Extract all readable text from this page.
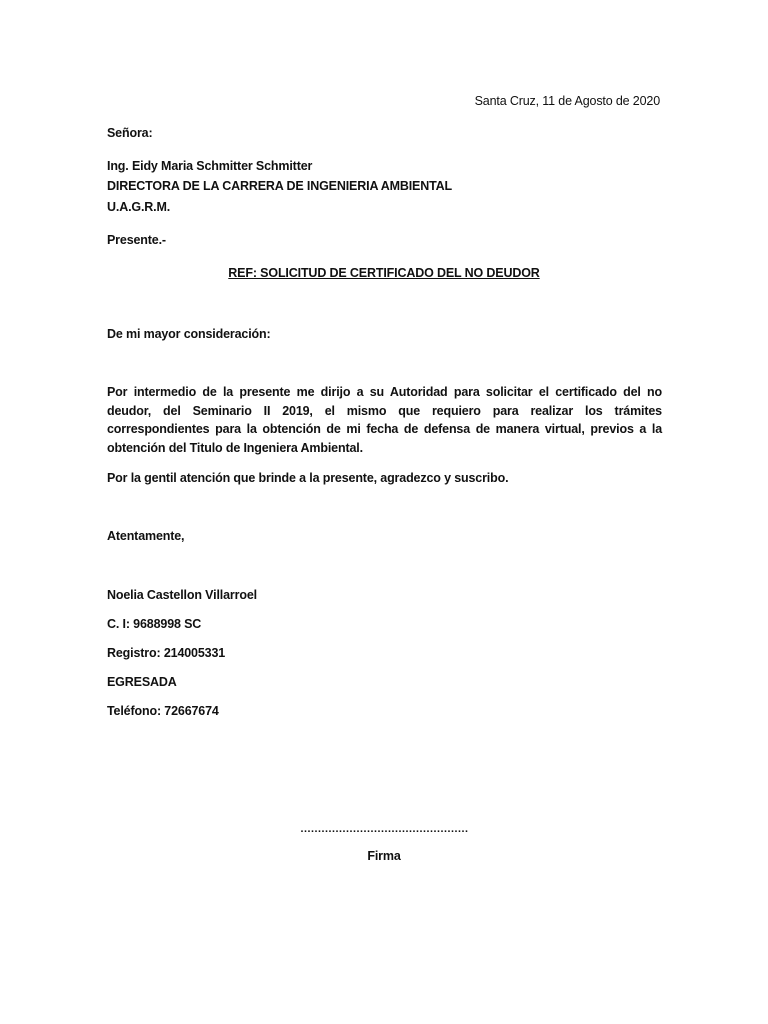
Santa Cruz, 11 de Agosto de 2020
Señora:
Ing. Eidy Maria Schmitter Schmitter
DIRECTORA DE LA CARRERA DE INGENIERIA AMBIENTAL
U.A.G.R.M.
Presente.-
REF: SOLICITUD DE CERTIFICADO DEL NO DEUDOR
De mi mayor consideración:
Por intermedio de la presente me dirijo a su Autoridad para solicitar el certificado del no deudor, del Seminario II 2019, el mismo que requiero para realizar los trámites correspondientes para la obtención de mi fecha de defensa de manera virtual, previos a la obtención del Titulo de Ingeniera Ambiental.
Por la gentil atención que brinde a la presente, agradezco y suscribo.
Atentamente,
Noelia Castellon Villarroel
C. I: 9688998 SC
Registro: 214005331
EGRESADA
Teléfono: 72667674
…………………………………………
Firma
